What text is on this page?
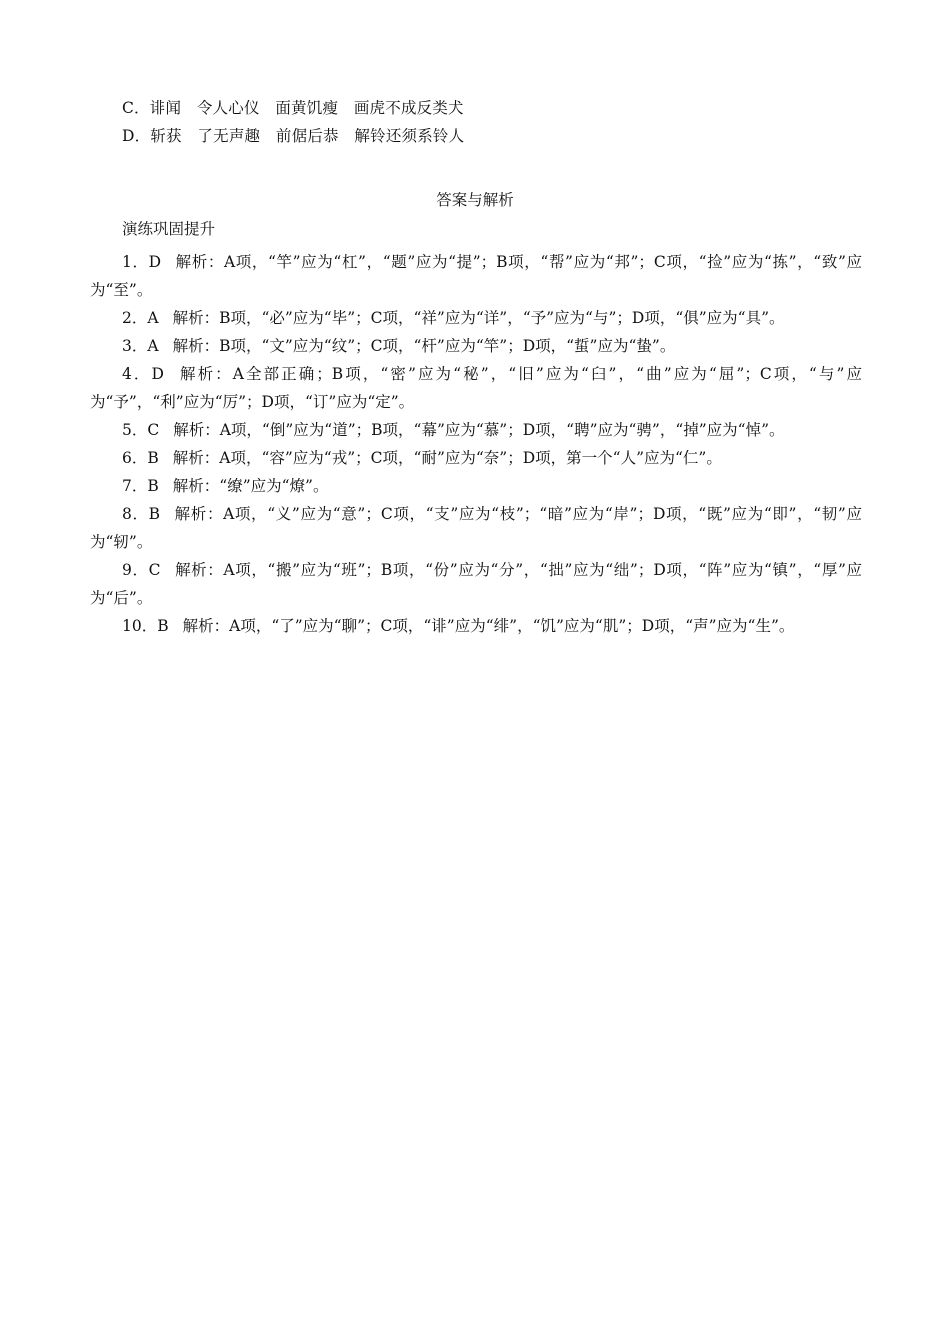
C．诽闻　令人心仪　面黄饥瘦　画虎不成反类犬
D．斩获　了无声趣　前倨后恭　解铃还须系铃人
答案与解析
演练巩固提升

1．D 解析：A项，“竿”应为“杠”，“题”应为“提”；B项，“帮”应为“邦”；C项，“捡”应为“拣”，“致”应为“至”。

2．A 解析：B项，“必”应为“毕”；C项，“祥”应为“详”，“予”应为“与”；D项，“俱”应为“具”。

3．A 解析：B项，“文”应为“纹”；C项，“杆”应为“竿”；D项，“蜇”应为“蛰”。

4．D 解析：A全部正确；B项，“密”应为“秘”，“旧”应为“臼”，“曲”应为“屈”；C项，“与”应为“予”，“利”应为“厉”；D项，“订”应为“定”。

5．C 解析：A项，“倒”应为“道”；B项，“幕”应为“慕”；D项，“聘”应为“骋”，“掉”应为“悼”。

6．B 解析：A项，“容”应为“戎”；C项，“耐”应为“奈”；D项，第一个“人”应为“仁”。

7．B 解析：“缭”应为“燎”。

8．B 解析：A项，“义”应为“意”；C项，“支”应为“枝”；“暗”应为“岸”；D项，“既”应为“即”，“韧”应为“轫”。

9．C 解析：A项，“搬”应为“班”；B项，“份”应为“分”，“拙”应为“绌”；D项，“阵”应为“镇”，“厚”应为“后”。

10．B 解析：A项，“了”应为“聊”；C项，“诽”应为“绯”，“饥”应为“肌”；D项，“声”应为“生”。
